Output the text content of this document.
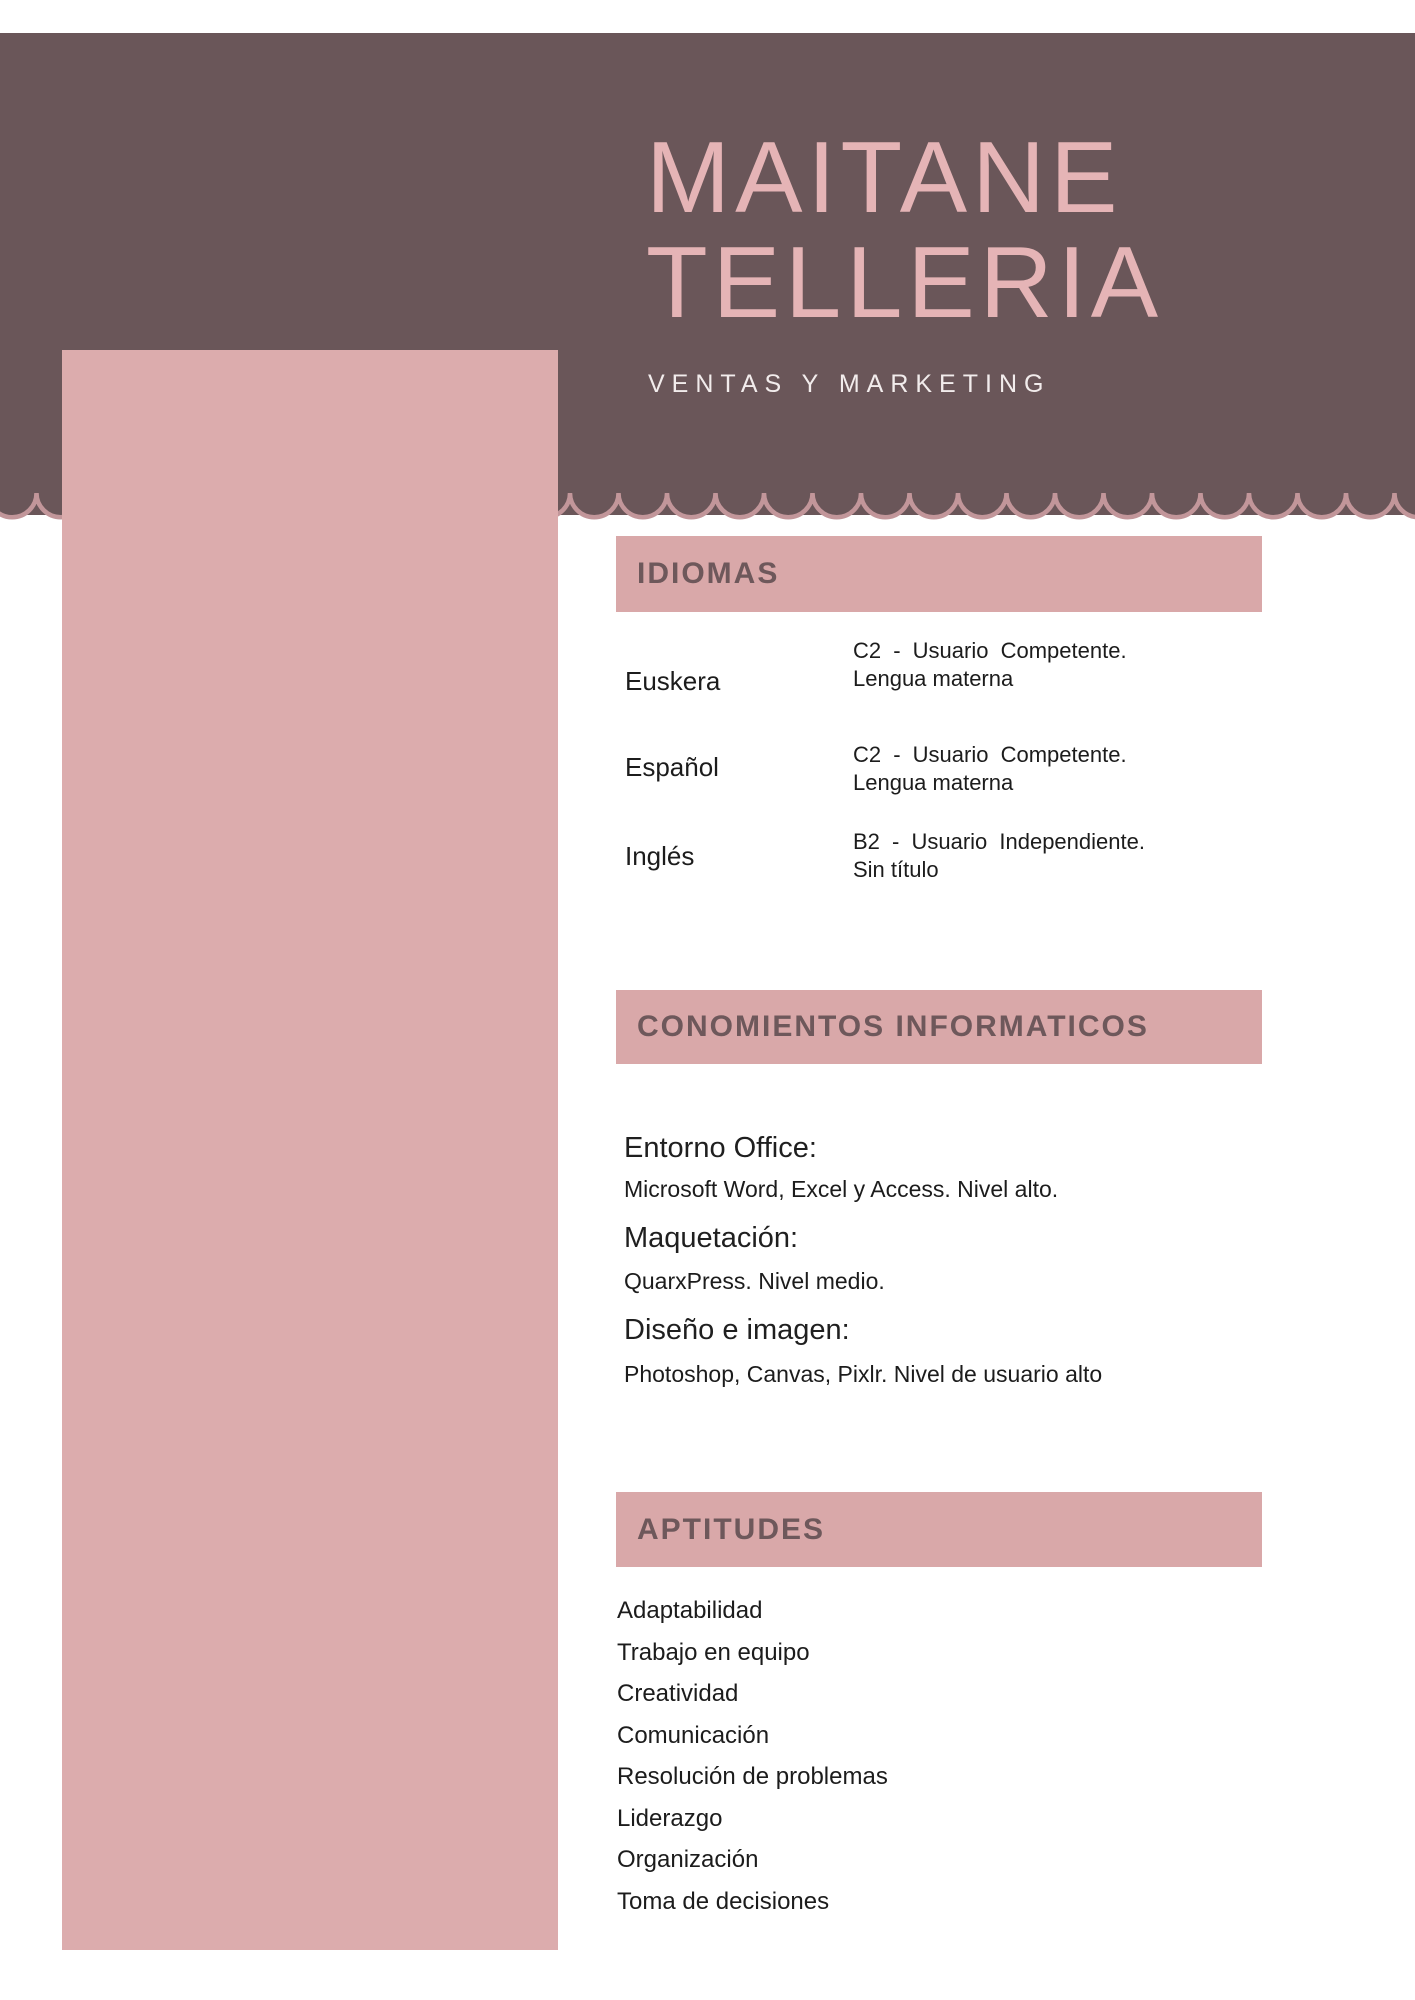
MAITANE
TELLERIA
VENTAS Y MARKETING
IDIOMAS
Euskera
C2 - Usuario Competente.
Lengua materna
Español	C2 - Usuario Competente.
Lengua materna
Inglés	B2 - Usuario Independiente.
Sin título
CONOMIENTOS INFORMATICOS
Entorno Office:
Microsoft Word, Excel y Access. Nivel alto.
Maquetación:
QuarxPress. Nivel medio.
Diseño e imagen:
Photoshop, Canvas, Pixlr. Nivel de usuario alto
APTITUDES
Adaptabilidad
Trabajo en equipo
Creatividad
Comunicación
Resolución de problemas
Liderazgo
Organización
Toma de decisiones
